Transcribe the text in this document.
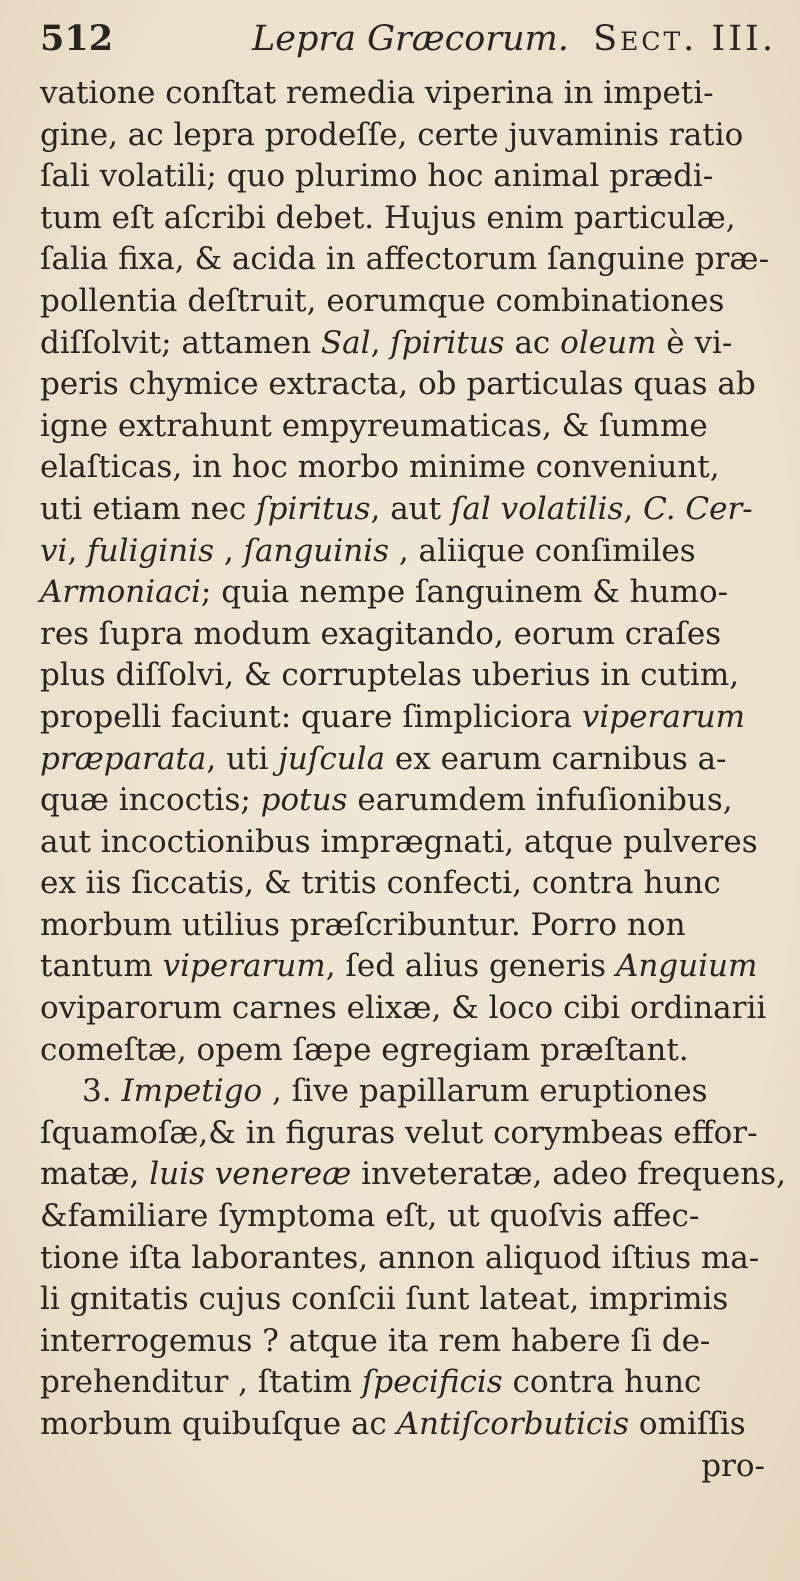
512	Lepra Græcorum. Sect. III.
vatione conſtat remedia viperina in impeti-
gine, ac lepra prodeſſe, certe juvaminis ratio
ſali volatili; quo plurimo hoc animal prædi-
tum eſt aſcribi debet. Hujus enim particulæ,
ſalia fixa, & acida in affectorum ſanguine præ-
pollentia deſtruit, eorumque combinationes
diſſolvit; attamen Sal, ſpiritus ac oleum è vi-
peris chymice extracta, ob particulas quas ab
igne extrahunt empyreumaticas, & ſumme
elaſticas, in hoc morbo minime conveniunt,
uti etiam nec ſpiritus, aut ſal volatilis, C. Cer-
vi, fuliginis , ſanguinis , aliique conſimiles
Armoniaci; quia nempe ſanguinem & humo-
res ſupra modum exagitando, eorum craſes
plus diſſolvi, & corruptelas uberius in cutim,
propelli faciunt: quare ſimpliciora viperarum
præparata, uti juſcula ex earum carnibus a-
quæ incoctis; potus earumdem infuſionibus,
aut incoctionibus imprægnati, atque pulveres
ex iis ſiccatis, & tritis confecti, contra hunc
morbum utilius præſcribuntur. Porro non
tantum viperarum, ſed alius generis Anguium
oviparorum carnes elixæ, & loco cibi ordinarii
comeſtæ, opem ſæpe egregiam præſtant.
3. Impetigo , ſive papillarum eruptiones
ſquamoſæ,& in figuras velut corymbeas effor-
matæ, luis venereæ inveteratæ, adeo frequens,
&familiare ſymptoma eſt, ut quoſvis affec-
tione iſta laborantes, annon aliquod iſtius ma-
li gnitatis cujus conſcii ſunt lateat, imprimis
interrogemus ? atque ita rem habere ſi de-
prehenditur , ſtatim ſpecificis contra hunc
morbum quibuſque ac Antiſcorbuticis omiſſis
pro-
